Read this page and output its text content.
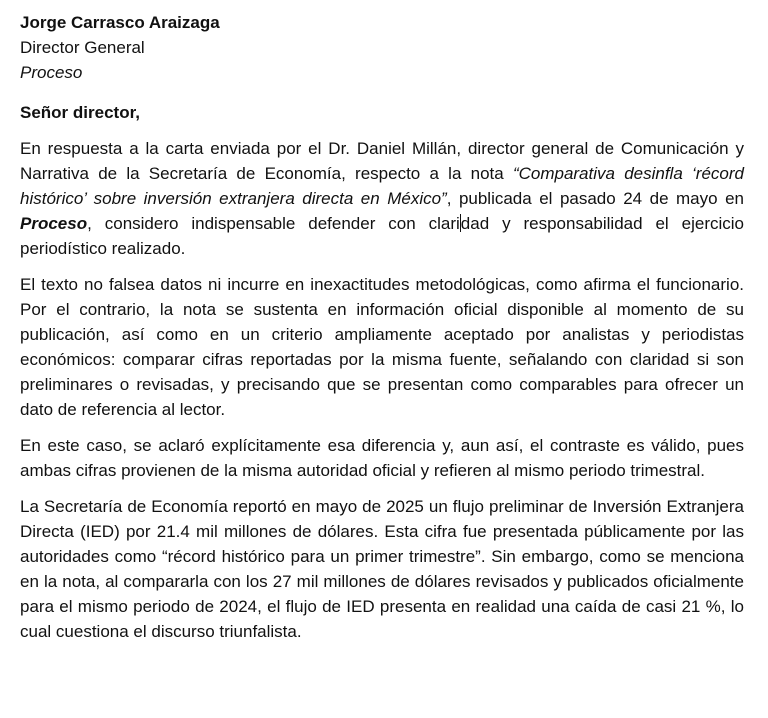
Jorge Carrasco Araizaga
Director General
Proceso
Señor director,
En respuesta a la carta enviada por el Dr. Daniel Millán, director general de Comunicación y Narrativa de la Secretaría de Economía, respecto a la nota “Comparativa desinfla ‘récord histórico’ sobre inversión extranjera directa en México”, publicada el pasado 24 de mayo en Proceso, considero indispensable defender con claridad y responsabilidad el ejercicio periodístico realizado.
El texto no falsea datos ni incurre en inexactitudes metodológicas, como afirma el funcionario. Por el contrario, la nota se sustenta en información oficial disponible al momento de su publicación, así como en un criterio ampliamente aceptado por analistas y periodistas económicos: comparar cifras reportadas por la misma fuente, señalando con claridad si son preliminares o revisadas, y precisando que se presentan como comparables para ofrecer un dato de referencia al lector.
En este caso, se aclaró explícitamente esa diferencia y, aun así, el contraste es válido, pues ambas cifras provienen de la misma autoridad oficial y refieren al mismo periodo trimestral.
La Secretaría de Economía reportó en mayo de 2025 un flujo preliminar de Inversión Extranjera Directa (IED) por 21.4 mil millones de dólares. Esta cifra fue presentada públicamente por las autoridades como “récord histórico para un primer trimestre”. Sin embargo, como se menciona en la nota, al compararla con los 27 mil millones de dólares revisados y publicados oficialmente para el mismo periodo de 2024, el flujo de IED presenta en realidad una caída de casi 21 %, lo cual cuestiona el discurso triunfalista.
